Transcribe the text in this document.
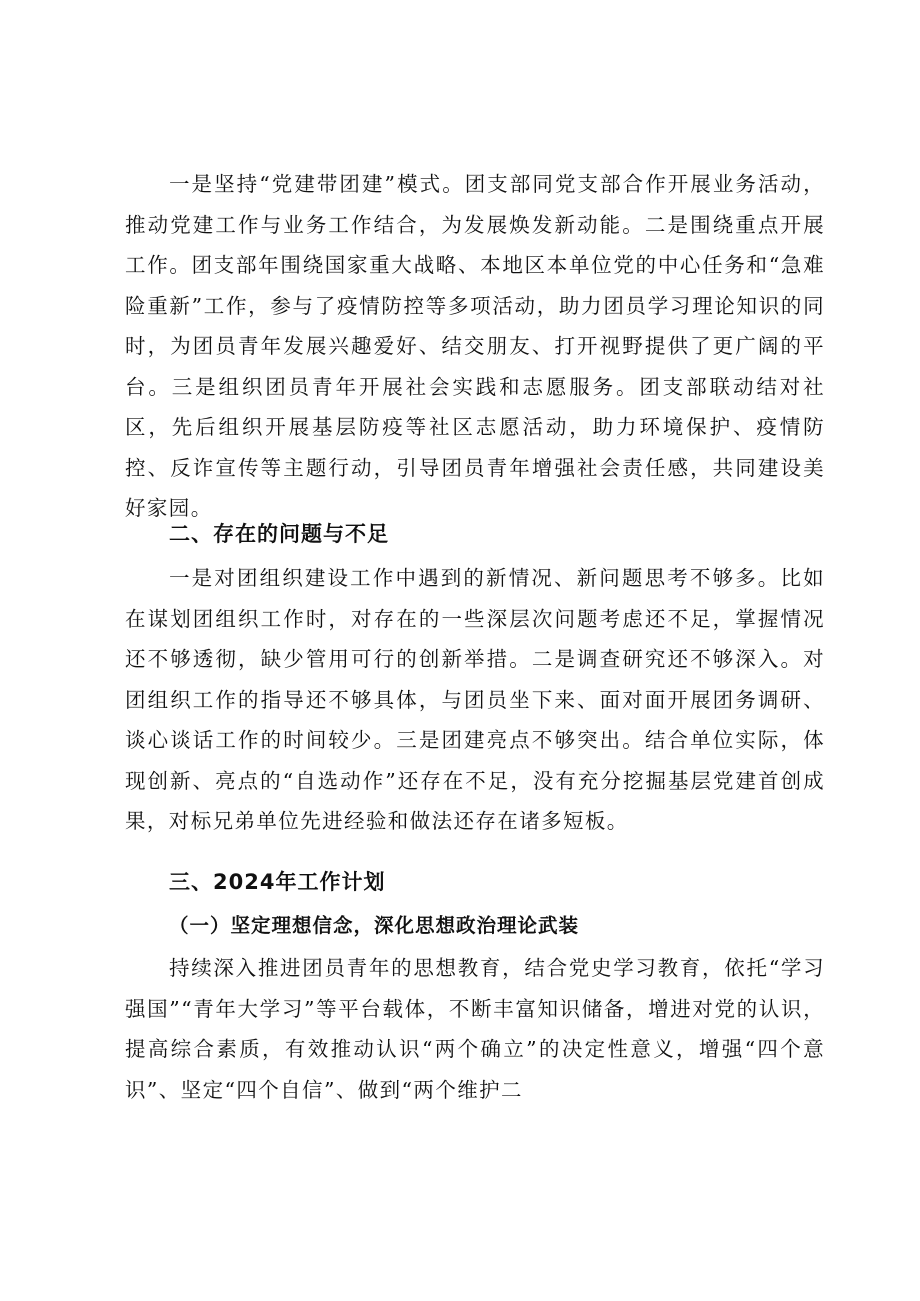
一是坚持“党建带团建”模式。团支部同党支部合作开展业务活动，推动党建工作与业务工作结合，为发展焕发新动能。二是围绕重点开展工作。团支部年围绕国家重大战略、本地区本单位党的中心任务和“急难险重新”工作，参与了疫情防控等多项活动，助力团员学习理论知识的同时，为团员青年发展兴趣爱好、结交朋友、打开视野提供了更广阔的平台。三是组织团员青年开展社会实践和志愿服务。团支部联动结对社区，先后组织开展基层防疫等社区志愿活动，助力环境保护、疫情防控、反诈宣传等主题行动，引导团员青年增强社会责任感，共同建设美好家园。

二、存在的问题与不足

一是对团组织建设工作中遇到的新情况、新问题思考不够多。比如在谋划团组织工作时，对存在的一些深层次问题考虑还不足，掌握情况还不够透彻，缺少管用可行的创新举措。二是调查研究还不够深入。对团组织工作的指导还不够具体，与团员坐下来、面对面开展团务调研、谈心谈话工作的时间较少。三是团建亮点不够突出。结合单位实际，体现创新、亮点的“自选动作”还存在不足，没有充分挖掘基层党建首创成果，对标兄弟单位先进经验和做法还存在诸多短板。

三、2024年工作计划
（一）坚定理想信念，深化思想政治理论武装

持续深入推进团员青年的思想教育，结合党史学习教育，依托“学习强国”“青年大学习”等平台载体，不断丰富知识储备，增进对党的认识，提高综合素质，有效推动认识“两个确立”的决定性意义，增强“四个意识”、坚定“四个自信”、做到“两个维护二
